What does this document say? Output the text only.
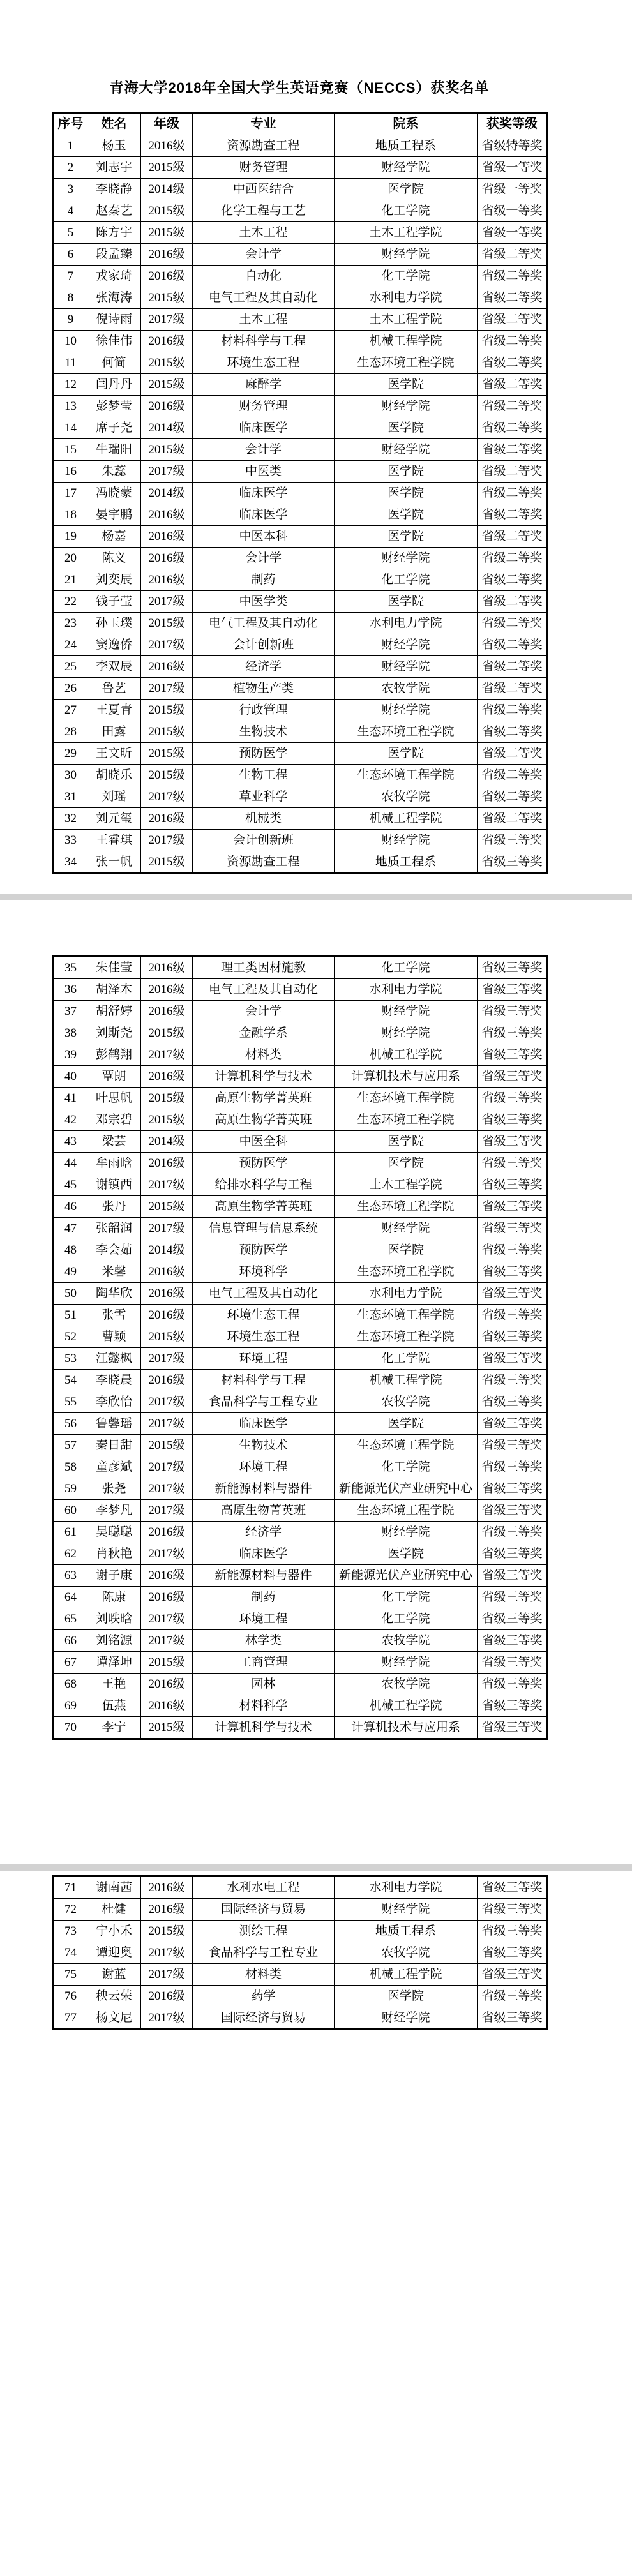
青海大学2018年全国大学生英语竞赛（NECCS）获奖名单
序号	姓名	年级	专业	院系	获奖等级
1	杨玉	2016级	资源勘查工程	地质工程系	省级特等奖
2	刘志宇	2015级	财务管理	财经学院	省级一等奖
3	李晓静	2014级	中西医结合	医学院	省级一等奖
4	赵秦艺	2015级	化学工程与工艺	化工学院	省级一等奖
5	陈方宇	2015级	土木工程	土木工程学院	省级一等奖
6	段孟臻	2016级	会计学	财经学院	省级二等奖
7	戎家琦	2016级	自动化	化工学院	省级二等奖
8	张海涛	2015级	电气工程及其自动化	水利电力学院	省级二等奖
9	倪诗雨	2017级	土木工程	土木工程学院	省级二等奖
10	徐佳伟	2016级	材料科学与工程	机械工程学院	省级二等奖
11	何简	2015级	环境生态工程	生态环境工程学院	省级二等奖
12	闫丹丹	2015级	麻醉学	医学院	省级二等奖
13	彭梦莹	2016级	财务管理	财经学院	省级二等奖
14	席子尧	2014级	临床医学	医学院	省级二等奖
15	牛瑞阳	2015级	会计学	财经学院	省级二等奖
16	朱蕊	2017级	中医类	医学院	省级二等奖
17	冯晓蒙	2014级	临床医学	医学院	省级二等奖
18	晏宇鹏	2016级	临床医学	医学院	省级二等奖
19	杨嘉	2016级	中医本科	医学院	省级二等奖
20	陈义	2016级	会计学	财经学院	省级二等奖
21	刘奕辰	2016级	制药	化工学院	省级二等奖
22	钱子莹	2017级	中医学类	医学院	省级二等奖
23	孙玉璞	2015级	电气工程及其自动化	水利电力学院	省级二等奖
24	窦逸侨	2017级	会计创新班	财经学院	省级二等奖
25	李双辰	2016级	经济学	财经学院	省级二等奖
26	鲁艺	2017级	植物生产类	农牧学院	省级二等奖
27	王夏青	2015级	行政管理	财经学院	省级二等奖
28	田露	2015级	生物技术	生态环境工程学院	省级二等奖
29	王文昕	2015级	预防医学	医学院	省级二等奖
30	胡晓乐	2015级	生物工程	生态环境工程学院	省级二等奖
31	刘瑶	2017级	草业科学	农牧学院	省级二等奖
32	刘元玺	2016级	机械类	机械工程学院	省级二等奖
33	王睿琪	2017级	会计创新班	财经学院	省级三等奖
34	张一帆	2015级	资源勘查工程	地质工程系	省级三等奖
35	朱佳莹	2016级	理工类因材施教	化工学院	省级三等奖
36	胡泽木	2016级	电气工程及其自动化	水利电力学院	省级三等奖
37	胡舒婷	2016级	会计学	财经学院	省级三等奖
38	刘斯尧	2015级	金融学系	财经学院	省级三等奖
39	彭鹤翔	2017级	材料类	机械工程学院	省级三等奖
40	覃朗	2016级	计算机科学与技术	计算机技术与应用系	省级三等奖
41	叶思帆	2015级	高原生物学菁英班	生态环境工程学院	省级三等奖
42	邓宗碧	2015级	高原生物学菁英班	生态环境工程学院	省级三等奖
43	梁芸	2014级	中医全科	医学院	省级三等奖
44	牟雨晗	2016级	预防医学	医学院	省级三等奖
45	谢镇西	2017级	给排水科学与工程	土木工程学院	省级三等奖
46	张丹	2015级	高原生物学菁英班	生态环境工程学院	省级三等奖
47	张韶润	2017级	信息管理与信息系统	财经学院	省级三等奖
48	李会茹	2014级	预防医学	医学院	省级三等奖
49	米馨	2016级	环境科学	生态环境工程学院	省级三等奖
50	陶华欣	2016级	电气工程及其自动化	水利电力学院	省级三等奖
51	张雪	2016级	环境生态工程	生态环境工程学院	省级三等奖
52	曹颖	2015级	环境生态工程	生态环境工程学院	省级三等奖
53	江懿枫	2017级	环境工程	化工学院	省级三等奖
54	李晓晨	2016级	材料科学与工程	机械工程学院	省级三等奖
55	李欣怡	2017级	食品科学与工程专业	农牧学院	省级三等奖
56	鲁馨瑶	2017级	临床医学	医学院	省级三等奖
57	秦日甜	2015级	生物技术	生态环境工程学院	省级三等奖
58	童彦斌	2017级	环境工程	化工学院	省级三等奖
59	张尧	2017级	新能源材料与器件	新能源光伏产业研究中心	省级三等奖
60	李梦凡	2017级	高原生物菁英班	生态环境工程学院	省级三等奖
61	吴聪聪	2016级	经济学	财经学院	省级三等奖
62	肖秋艳	2017级	临床医学	医学院	省级三等奖
63	谢子康	2016级	新能源材料与器件	新能源光伏产业研究中心	省级三等奖
64	陈康	2016级	制药	化工学院	省级三等奖
65	刘昳晗	2017级	环境工程	化工学院	省级三等奖
66	刘铭源	2017级	林学类	农牧学院	省级三等奖
67	谭泽坤	2015级	工商管理	财经学院	省级三等奖
68	王艳	2016级	园林	农牧学院	省级三等奖
69	伍燕	2016级	材料科学	机械工程学院	省级三等奖
70	李宁	2015级	计算机科学与技术	计算机技术与应用系	省级三等奖
71	谢南茜	2016级	水利水电工程	水利电力学院	省级三等奖
72	杜健	2016级	国际经济与贸易	财经学院	省级三等奖
73	宁小禾	2015级	测绘工程	地质工程系	省级三等奖
74	谭迎奥	2017级	食品科学与工程专业	农牧学院	省级三等奖
75	谢蓝	2017级	材料类	机械工程学院	省级三等奖
76	秧云荣	2016级	药学	医学院	省级三等奖
77	杨文尼	2017级	国际经济与贸易	财经学院	省级三等奖
